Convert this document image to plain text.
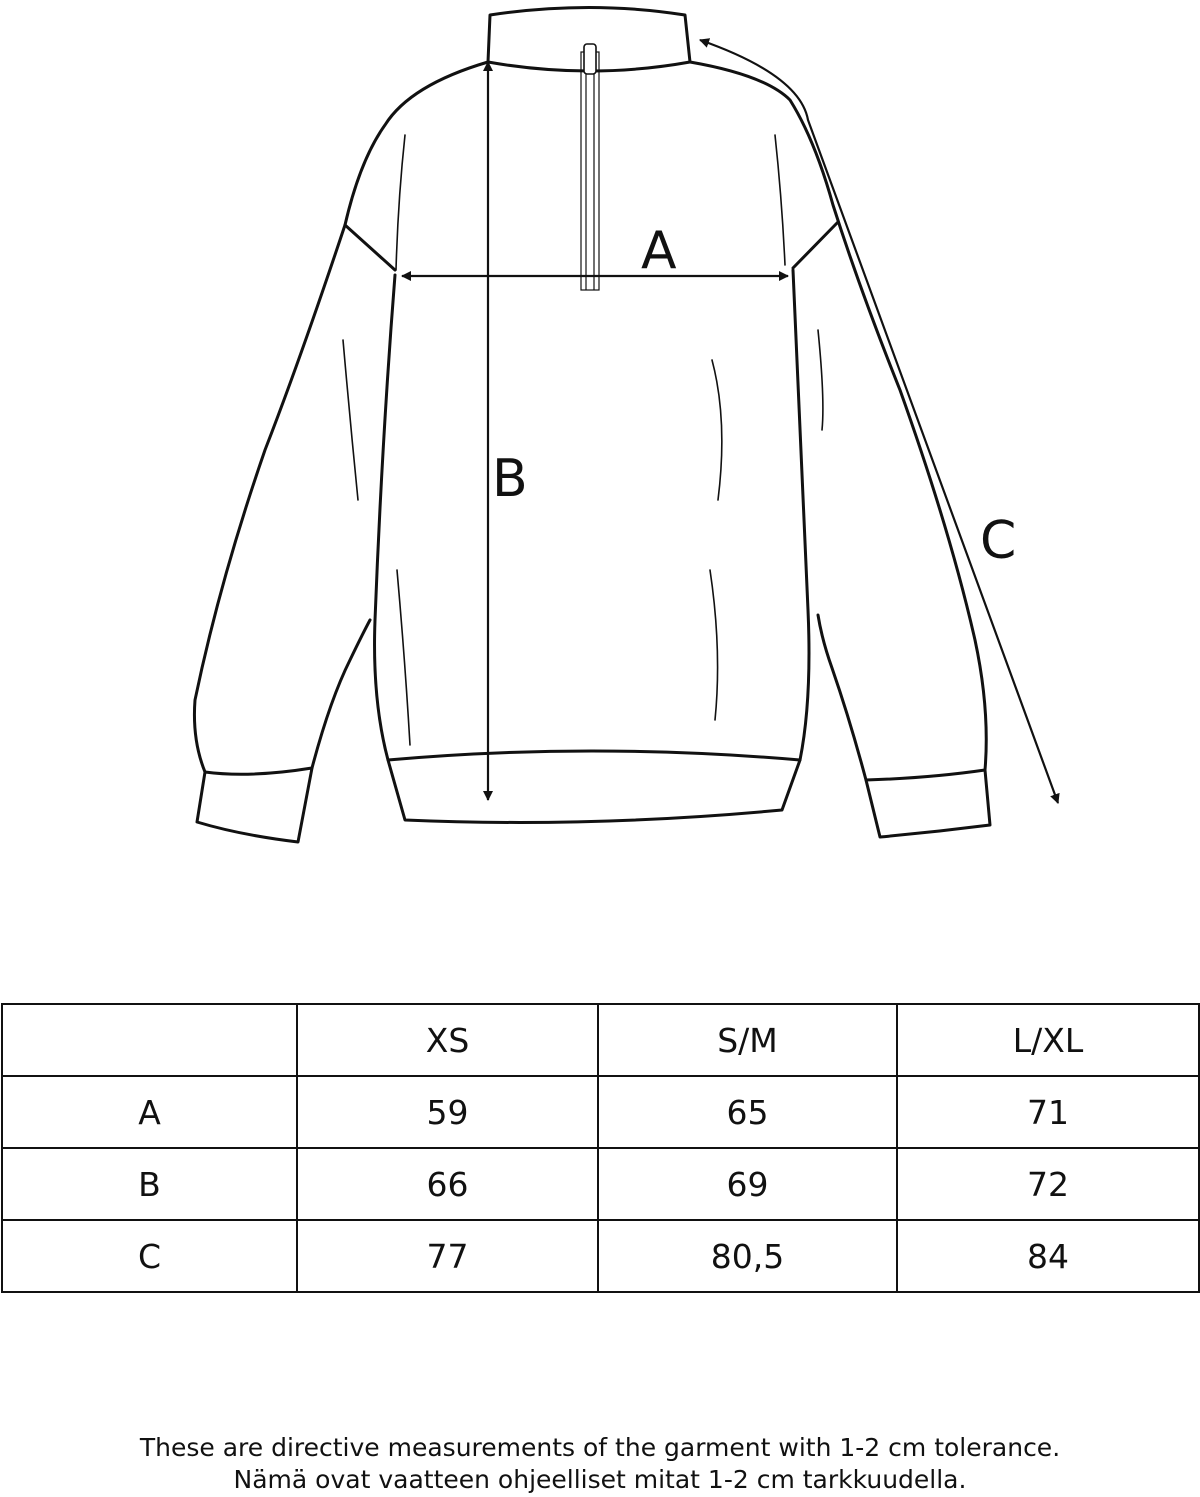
A
B
C
	XS	S/M	L/XL
A	59	65	71
B	66	69	72
C	77	80,5	84

These are directive measurements of the garment with 1-2 cm tolerance.

Nämä ovat vaatteen ohjeelliset mitat 1-2 cm tarkkuudella.
